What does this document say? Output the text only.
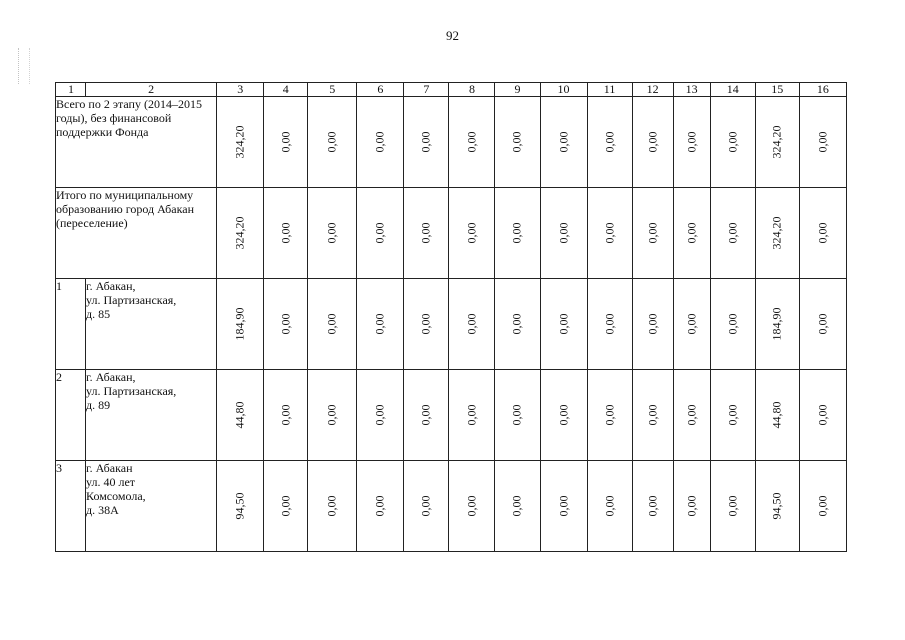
92
1	2	3	4	5	6	7	8	9	10	11	12	13	14	15	16
Всего по 2 этапу (2014–2015 годы), без финансовой поддержки Фонда		324,20	0,00	0,00	0,00	0,00	0,00	0,00	0,00	0,00	0,00	0,00	0,00	324,20	0,00

Итого по муниципальному образованию город Абакан (переселение)		324,20	0,00	0,00	0,00	0,00	0,00	0,00	0,00	0,00	0,00	0,00	0,00	324,20	0,00

1	г. Абакан,
ул. Партизанская,
д. 85	184,90	0,00	0,00	0,00	0,00	0,00	0,00	0,00	0,00	0,00	0,00	0,00	184,90	0,00

2	г. Абакан,
ул. Партизанская,
д. 89	44,80	0,00	0,00	0,00	0,00	0,00	0,00	0,00	0,00	0,00	0,00	0,00	44,80	0,00

3	г. Абакан
ул. 40 лет
Комсомола,
д. 38А	94,50	0,00	0,00	0,00	0,00	0,00	0,00	0,00	0,00	0,00	0,00	0,00	94,50	0,00
